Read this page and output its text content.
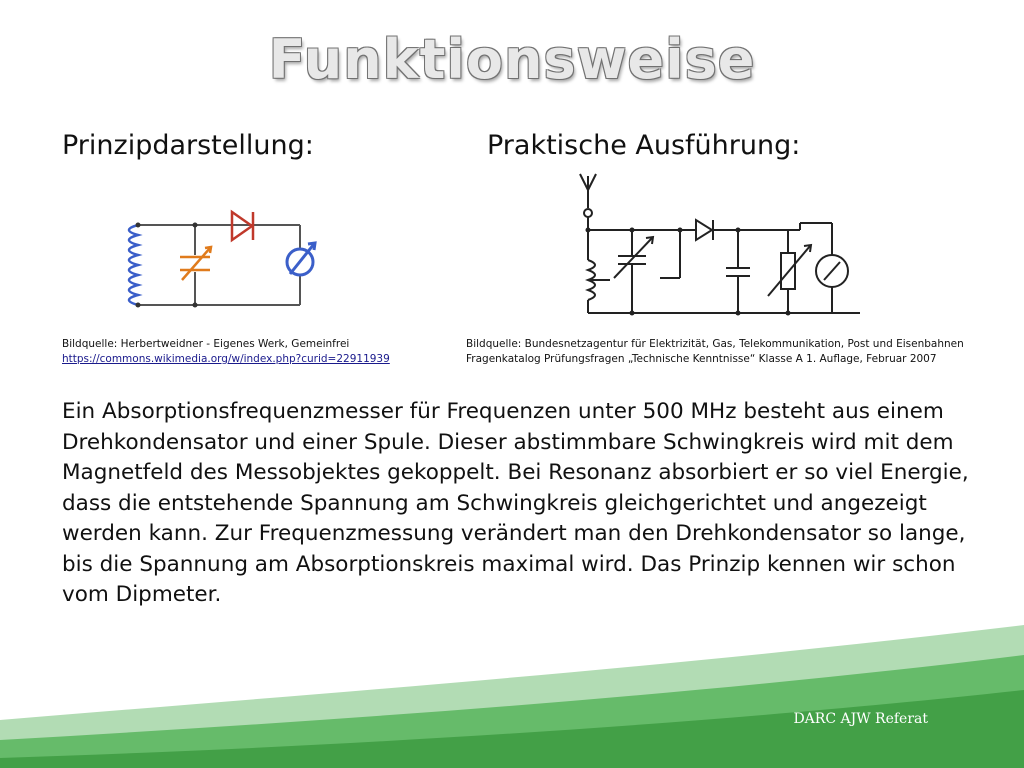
Funktionsweise
Prinzipdarstellung:	Praktische Ausführung:
Bildquelle: Herbertweidner - Eigenes Werk, Gemeinfrei
https://commons.wikimedia.org/w/index.php?curid=22911939
Bildquelle: Bundesnetzagentur für Elektrizität, Gas, Telekommunikation, Post und Eisenbahnen
Fragenkatalog Prüfungsfragen „Technische Kenntnisse“ Klasse A 1. Auflage, Februar 2007
Ein Absorptionsfrequenzmesser für Frequenzen unter 500 MHz besteht aus einem Drehkondensator und einer Spule. Dieser abstimmbare Schwingkreis wird mit dem Magnetfeld des Messobjektes gekoppelt. Bei Resonanz absorbiert er so viel Energie, dass die entstehende Spannung am Schwingkreis gleichgerichtet und angezeigt werden kann. Zur Frequenzmessung verändert man den Drehkondensator so lange, bis die Spannung am Absorptionskreis maximal wird. Das Prinzip kennen wir schon vom Dipmeter.
DARC AJW Referat
